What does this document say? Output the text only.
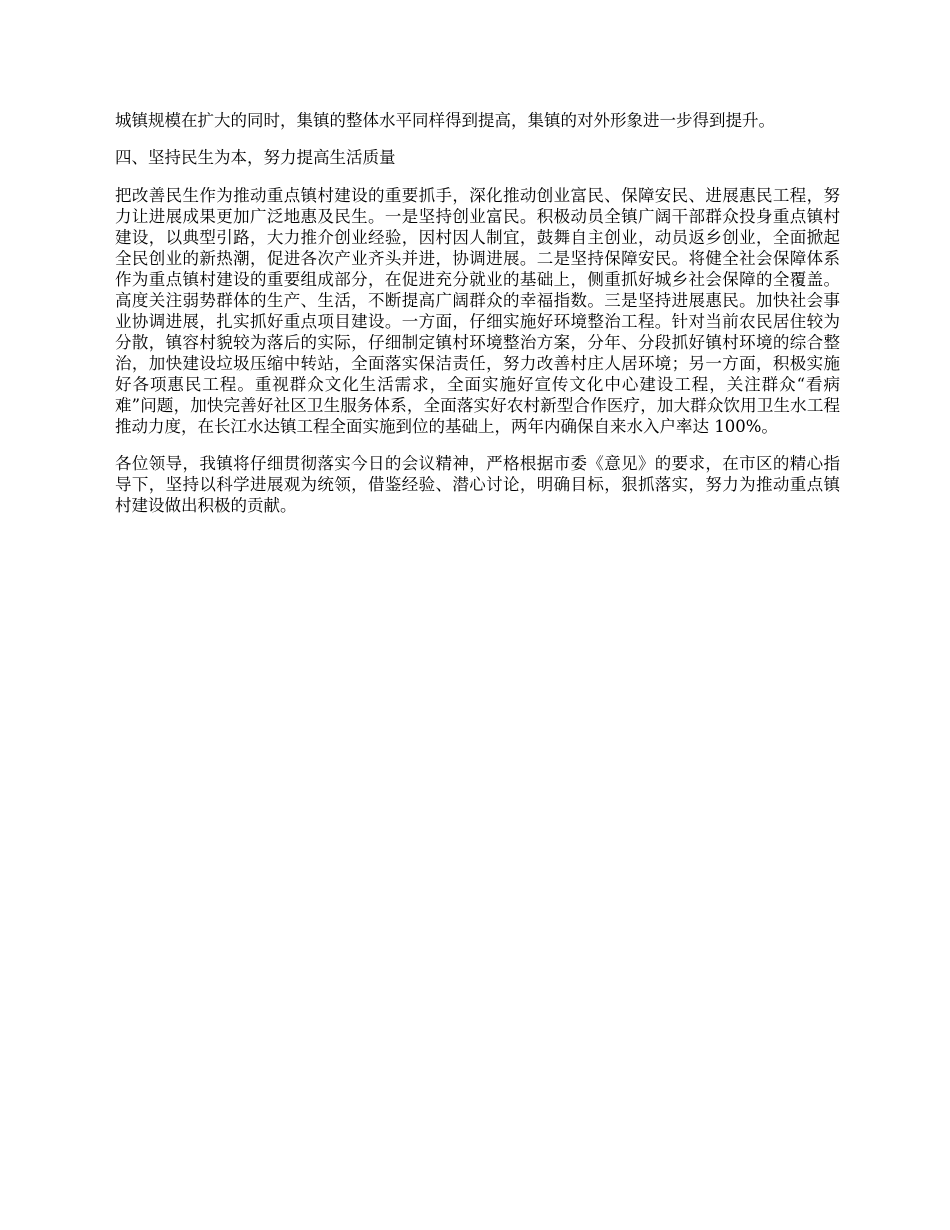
城镇规模在扩大的同时，集镇的整体水平同样得到提高，集镇的对外形象进一步得到提升。

四、坚持民生为本，努力提高生活质量

把改善民生作为推动重点镇村建设的重要抓手，深化推动创业富民、保障安民、进展惠民工程，努力让进展成果更加广泛地惠及民生。一是坚持创业富民。积极动员全镇广阔干部群众投身重点镇村建设，以典型引路，大力推介创业经验，因村因人制宜，鼓舞自主创业，动员返乡创业，全面掀起全民创业的新热潮，促进各次产业齐头并进，协调进展。二是坚持保障安民。将健全社会保障体系作为重点镇村建设的重要组成部分，在促进充分就业的基础上，侧重抓好城乡社会保障的全覆盖。高度关注弱势群体的生产、生活，不断提高广阔群众的幸福指数。三是坚持进展惠民。加快社会事业协调进展，扎实抓好重点项目建设。一方面，仔细实施好环境整治工程。针对当前农民居住较为分散，镇容村貌较为落后的实际，仔细制定镇村环境整治方案，分年、分段抓好镇村环境的综合整治，加快建设垃圾压缩中转站，全面落实保洁责任，努力改善村庄人居环境；另一方面，积极实施好各项惠民工程。重视群众文化生活需求，全面实施好宣传文化中心建设工程，关注群众“看病难”问题，加快完善好社区卫生服务体系，全面落实好农村新型合作医疗，加大群众饮用卫生水工程推动力度，在长江水达镇工程全面实施到位的基础上，两年内确保自来水入户率达 100%。

各位领导，我镇将仔细贯彻落实今日的会议精神，严格根据市委《意见》的要求，在市区的精心指导下，坚持以科学进展观为统领，借鉴经验、潜心讨论，明确目标，狠抓落实，努力为推动重点镇村建设做出积极的贡献。
